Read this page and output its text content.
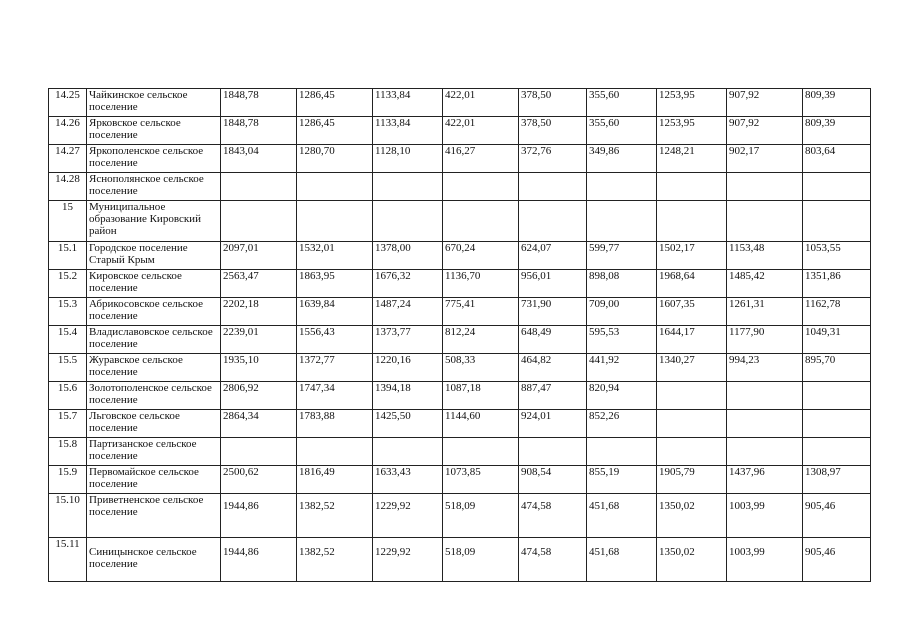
14.25	Чайкинское сельское поселение	1848,78	1286,45	1133,84	422,01	378,50	355,60	1253,95	907,92	809,39
14.26	Ярковское сельское поселение	1848,78	1286,45	1133,84	422,01	378,50	355,60	1253,95	907,92	809,39
14.27	Яркополенское сельское поселение	1843,04	1280,70	1128,10	416,27	372,76	349,86	1248,21	902,17	803,64
14.28	Яснополянское сельское поселение									
15	Муниципальное образование Кировский район									
15.1	Городское поселение Старый Крым	2097,01	1532,01	1378,00	670,24	624,07	599,77	1502,17	1153,48	1053,55
15.2	Кировское сельское поселение	2563,47	1863,95	1676,32	1136,70	956,01	898,08	1968,64	1485,42	1351,86
15.3	Абрикосовское сельское поселение	2202,18	1639,84	1487,24	775,41	731,90	709,00	1607,35	1261,31	1162,78
15.4	Владиславовское сельское поселение	2239,01	1556,43	1373,77	812,24	648,49	595,53	1644,17	1177,90	1049,31
15.5	Журавское сельское поселение	1935,10	1372,77	1220,16	508,33	464,82	441,92	1340,27	994,23	895,70
15.6	Золотополенское сельское поселение	2806,92	1747,34	1394,18	1087,18	887,47	820,94			
15.7	Льговское сельское поселение	2864,34	1783,88	1425,50	1144,60	924,01	852,26			
15.8	Партизанское сельское поселение									
15.9	Первомайское сельское поселение	2500,62	1816,49	1633,43	1073,85	908,54	855,19	1905,79	1437,96	1308,97
15.10	Приветненское сельское поселение	1944,86	1382,52	1229,92	518,09	474,58	451,68	1350,02	1003,99	905,46
15.11	Синицынское сельское поселение	1944,86	1382,52	1229,92	518,09	474,58	451,68	1350,02	1003,99	905,46
